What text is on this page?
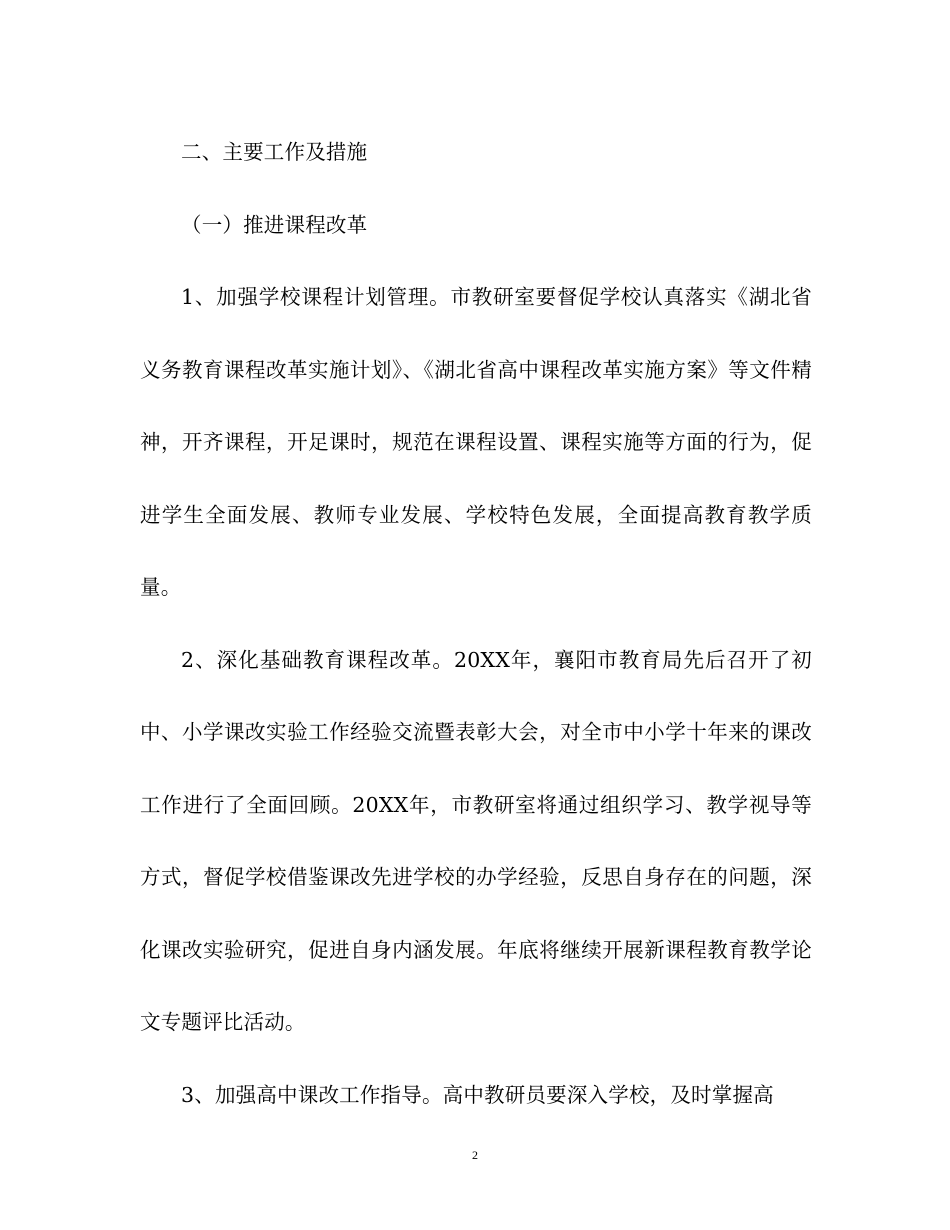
二、主要工作及措施

（一）推进课程改革

1、加强学校课程计划管理。市教研室要督促学校认真落实《湖北省义务教育课程改革实施计划》、《湖北省高中课程改革实施方案》等文件精神，开齐课程，开足课时，规范在课程设置、课程实施等方面的行为，促进学生全面发展、教师专业发展、学校特色发展，全面提高教育教学质量。

2、深化基础教育课程改革。20XX年，襄阳市教育局先后召开了初中、小学课改实验工作经验交流暨表彰大会，对全市中小学十年来的课改工作进行了全面回顾。20XX年，市教研室将通过组织学习、教学视导等方式，督促学校借鉴课改先进学校的办学经验，反思自身存在的问题，深化课改实验研究，促进自身内涵发展。年底将继续开展新课程教育教学论文专题评比活动。

3、加强高中课改工作指导。高中教研员要深入学校，及时掌握高

2
